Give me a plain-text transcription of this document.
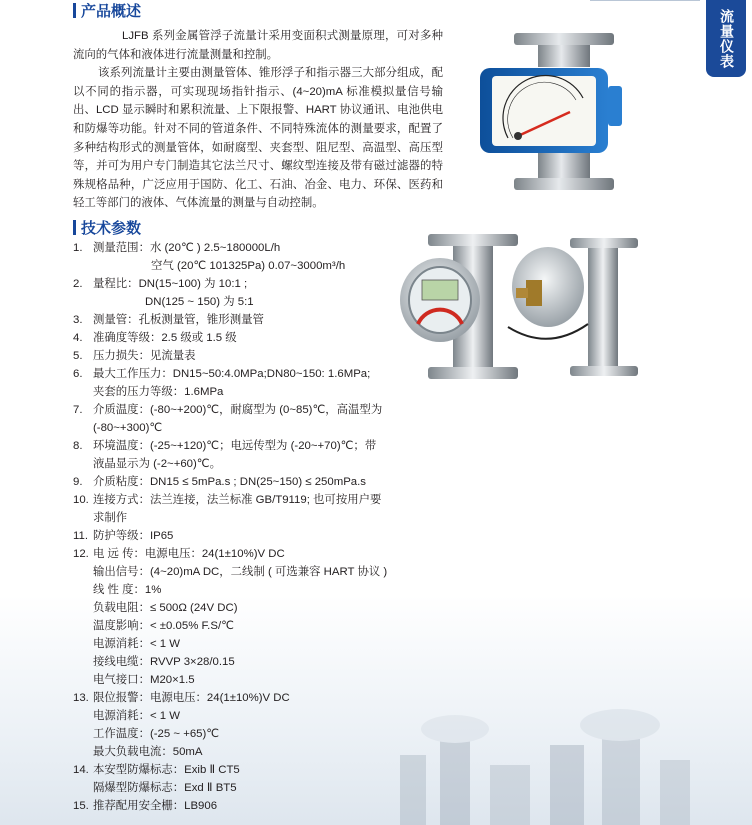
流量仪表
产品概述

LJFB 系列金属管浮子流量计采用变面积式测量原理，可对多种流向的气体和液体进行流量测量和控制。

该系列流量计主要由测量管体、锥形浮子和指示器三大部分组成，配以不同的指示器，可实现现场指针指示、(4~20)mA 标准模拟量信号输出、LCD 显示瞬时和累积流量、上下限报警、HART 协议通讯、电池供电和防爆等功能。针对不同的管道条件、不同特殊流体的测量要求，配置了多种结构形式的测量管体，如耐腐型、夹套型、阻尼型、高温型、高压型等，并可为用户专门制造其它法兰尺寸、螺纹型连接及带有磁过滤器的特殊规格品种，广泛应用于国防、化工、石油、冶金、电力、环保、医药和轻工等部门的液体、气体流量的测量与自动控制。

技术参数
1. 测量范围：水 (20℃ ) 2.5~180000L/h
空气 (20℃ 101325Pa) 0.07~3000m³/h
2. 量程比：DN(15~100) 为 10:1 ;
DN(125 ~ 150) 为 5:1
3. 测量管：孔板测量管，锥形测量管
4. 准确度等级：2.5 级或 1.5 级
5. 压力损失：见流量表
6. 最大工作压力：DN15~50:4.0MPa;DN80~150: 1.6MPa;
夹套的压力等级：1.6MPa
7. 介质温度：(-80~+200)℃，耐腐型为 (0~85)℃，高温型为
(-80~+300)℃
8. 环境温度：(-25~+120)℃；电远传型为 (-20~+70)℃；带
液晶显示为 (-2~+60)℃。
9. 介质粘度：DN15 ≤ 5mPa.s ; DN(25~150) ≤ 250mPa.s
10. 连接方式：法兰连接，法兰标准 GB/T9119; 也可按用户要
求制作
11. 防护等级：IP65
12. 电 远 传：电源电压：24(1±10%)V DC
输出信号：(4~20)mA DC，二线制 ( 可选兼容 HART 协议 )
线 性 度：1%
负载电阻：≤ 500Ω (24V DC)
温度影响：< ±0.05% F.S/℃
电源消耗：< 1 W
接线电缆：RVVP 3×28/0.15
电气接口：M20×1.5
13. 限位报警：电源电压：24(1±10%)V DC
电源消耗：< 1 W
工作温度：(-25 ~ +65)℃
最大负载电流：50mA
14. 本安型防爆标志：Exib Ⅱ CT5
隔爆型防爆标志：Exd Ⅱ BT5
15. 推荐配用安全栅：LB906
